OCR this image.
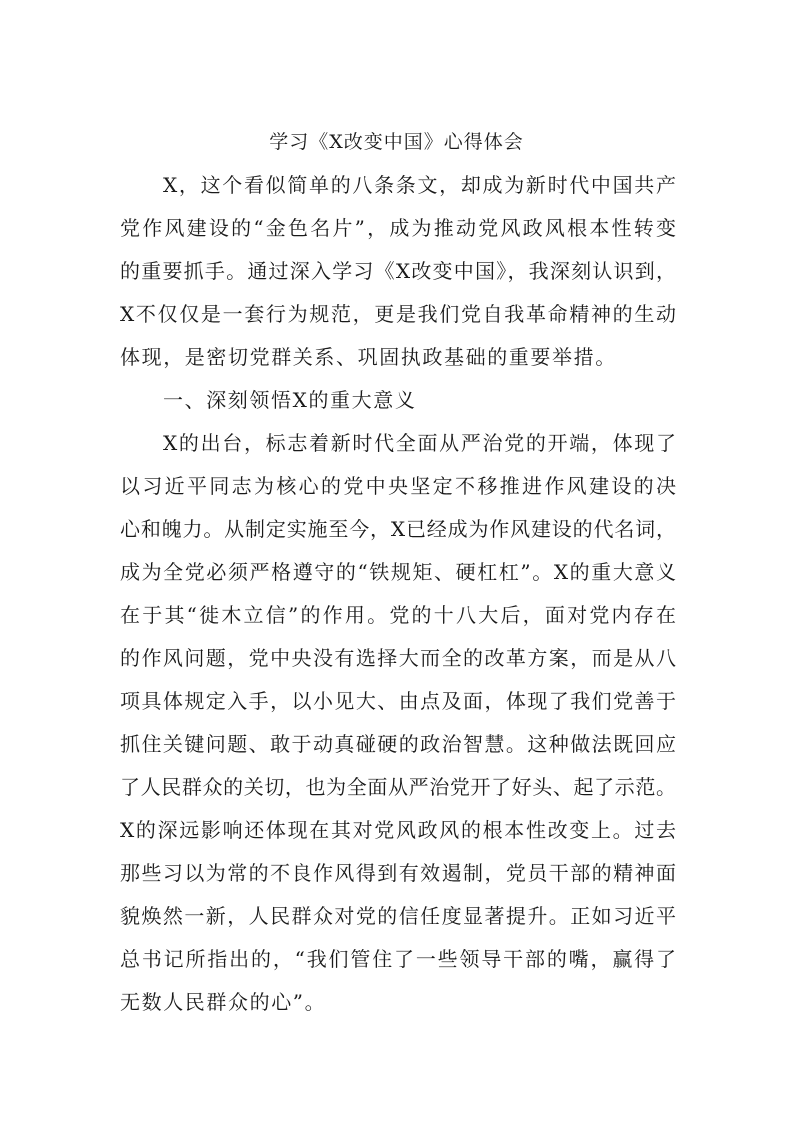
学习《X改变中国》心得体会
X，这个看似简单的八条条文，却成为新时代中国共产
党作风建设的“金色名片”，成为推动党风政风根本性转变
的重要抓手。通过深入学习《X改变中国》，我深刻认识到，
X不仅仅是一套行为规范，更是我们党自我革命精神的生动
体现，是密切党群关系、巩固执政基础的重要举措。
一、深刻领悟X的重大意义
X的出台，标志着新时代全面从严治党的开端，体现了
以习近平同志为核心的党中央坚定不移推进作风建设的决
心和魄力。从制定实施至今，X已经成为作风建设的代名词，
成为全党必须严格遵守的“铁规矩、硬杠杠”。X的重大意义
在于其“徙木立信”的作用。党的十八大后，面对党内存在
的作风问题，党中央没有选择大而全的改革方案，而是从八
项具体规定入手，以小见大、由点及面，体现了我们党善于
抓住关键问题、敢于动真碰硬的政治智慧。这种做法既回应
了人民群众的关切，也为全面从严治党开了好头、起了示范。
X的深远影响还体现在其对党风政风的根本性改变上。过去
那些习以为常的不良作风得到有效遏制，党员干部的精神面
貌焕然一新，人民群众对党的信任度显著提升。正如习近平
总书记所指出的，“我们管住了一些领导干部的嘴，赢得了
无数人民群众的心”。
